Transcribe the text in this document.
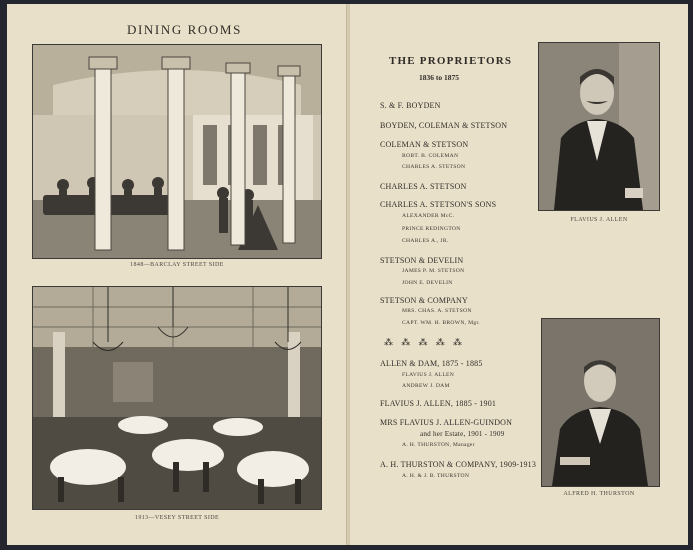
DINING ROOMS
1848—BARCLAY STREET SIDE
1913—VESEY STREET SIDE
THE PROPRIETORS
1836 to 1875
S. & F. BOYDEN
BOYDEN, COLEMAN & STETSON
COLEMAN & STETSON
ROBT. B. COLEMAN
CHARLES A. STETSON
CHARLES A. STETSON
CHARLES A. STETSON'S SONS
ALEXANDER McC.
PRINCE REDINGTON
CHARLES A., JR.
STETSON & DEVELIN
JAMES P. M. STETSON
JOHN E. DEVELIN
STETSON & COMPANY
MRS. CHAS. A. STETSON
CAPT. WM. H. BROWN, Mgr.
⁂ ⁂ ⁂ ⁂ ⁂
ALLEN & DAM, 1875 - 1885
FLAVIUS J. ALLEN
ANDREW J. DAM
FLAVIUS J. ALLEN, 1885 - 1901
MRS FLAVIUS J. ALLEN-GUINDON
and her Estate, 1901 - 1909
A. H. THURSTON, Manager
A. H. THURSTON & COMPANY, 1909-1913
A. H. & J. B. THURSTON
FLAVIUS J. ALLEN
ALFRED H. THURSTON
